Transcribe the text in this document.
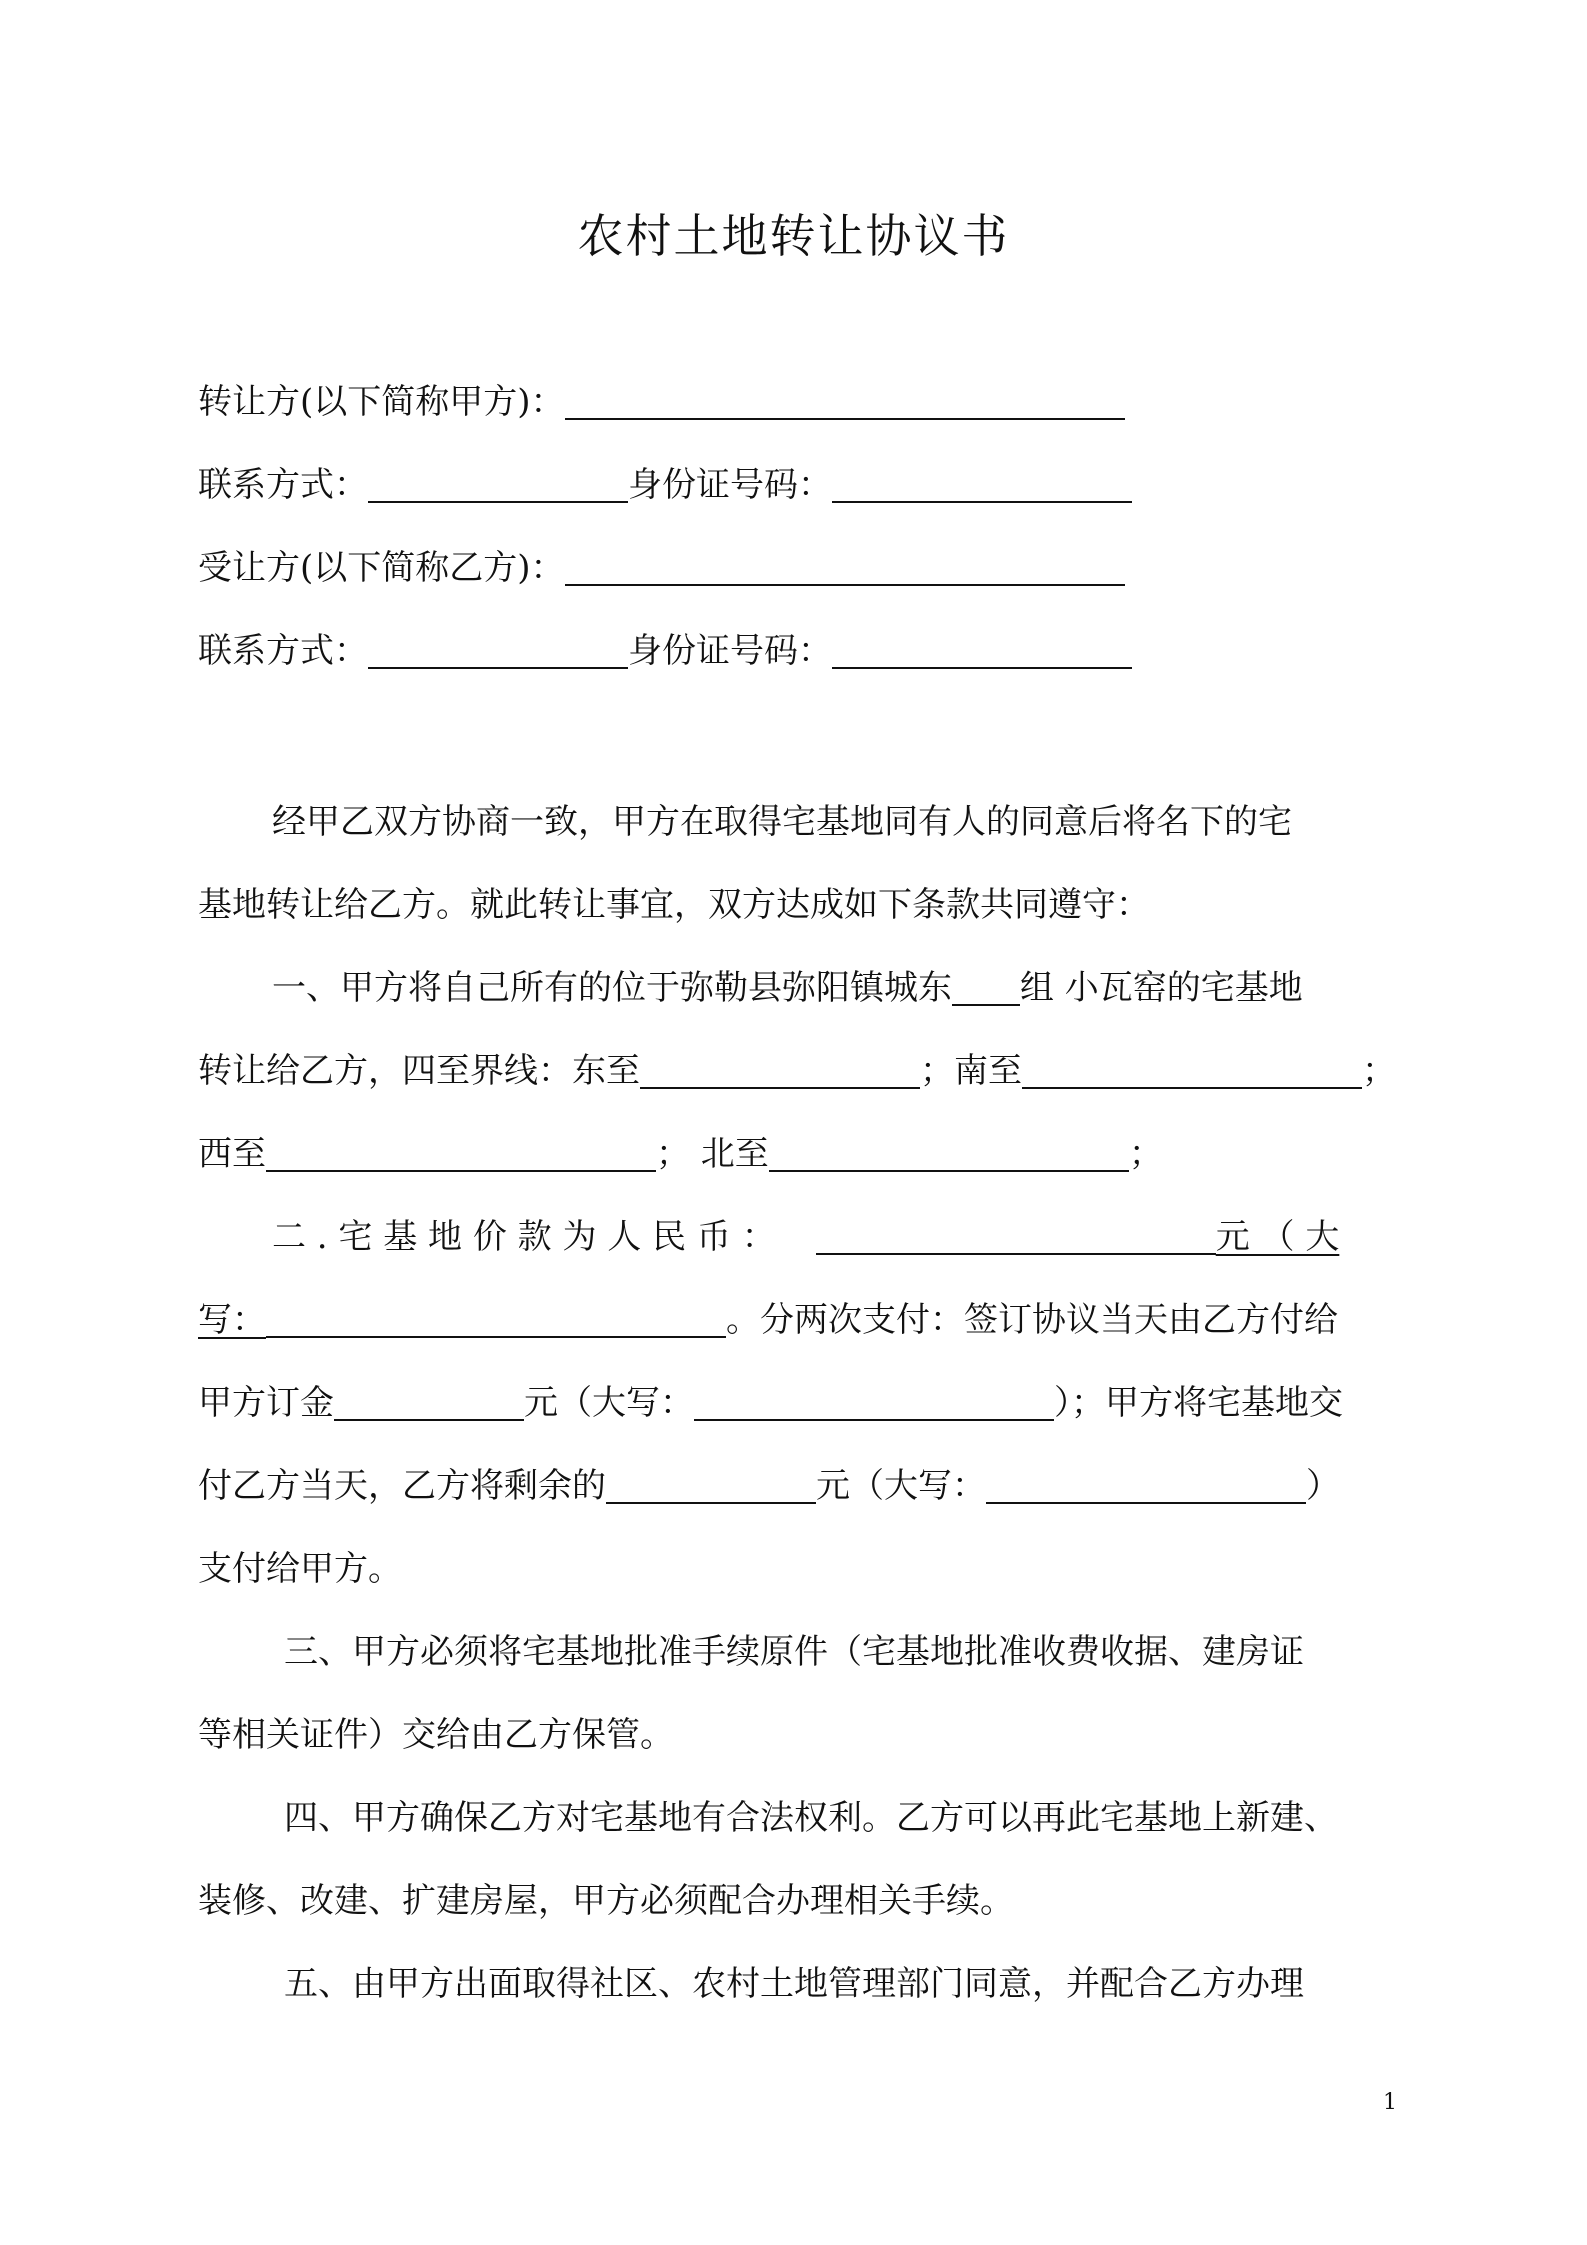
农村土地转让协议书
转让方(以下简称甲方)：
联系方式：	身份证号码：
受让方(以下简称乙方)：
联系方式：	身份证号码：
经甲乙双方协商一致，甲方在取得宅基地同有人的同意后将名下的宅
基地转让给乙方。就此转让事宜，双方达成如下条款共同遵守：
一、甲方将自己所有的位于弥勒县弥阳镇城东 组 小瓦窑的宅基地
转让给乙方，四至界线：东至	；南至	；
西至	； 北至	；
二 . 宅 基 地 价 款 为 人 民 币 ：	元 （ 大
写：	。分两次支付：签订协议当天由乙方付给
甲方订金	元（大写：	）；甲方将宅基地交
付乙方当天，乙方将剩余的	元（大写：	）
支付给甲方。
三、甲方必须将宅基地批准手续原件（宅基地批准收费收据、建房证
等相关证件）交给由乙方保管。
四、甲方确保乙方对宅基地有合法权利。乙方可以再此宅基地上新建、
装修、改建、扩建房屋，甲方必须配合办理相关手续。
五、由甲方出面取得社区、农村土地管理部门同意，并配合乙方办理
1
